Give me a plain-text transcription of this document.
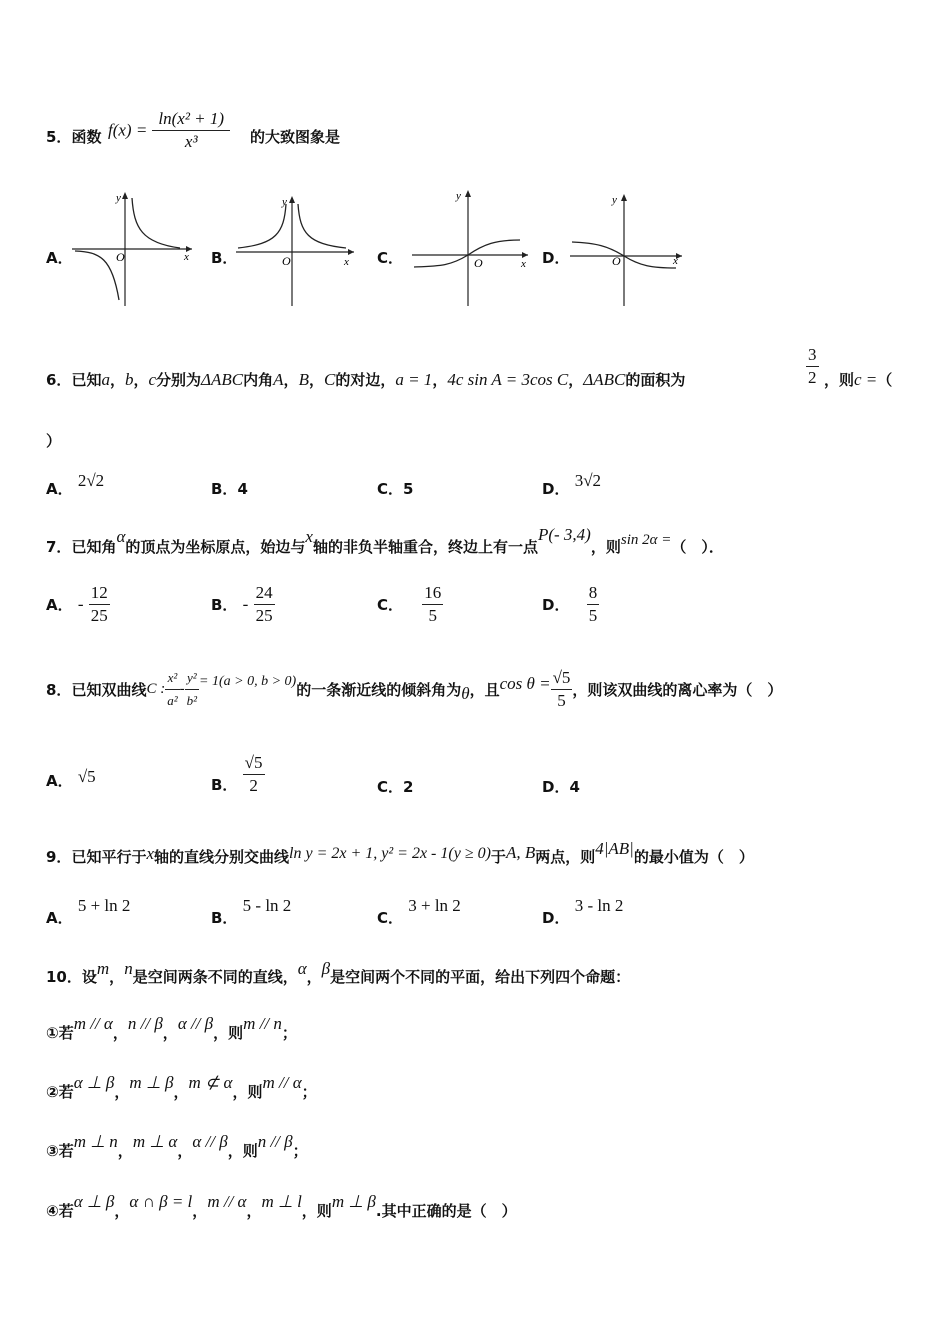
5．函数 $f(x) = \frac{\text{ln(x² + 1)}}{\text{x³}}$ 的大致图象是
A．	B．	C．	D．
y
x
O
y
x
O
y
x
O
y
x
O
6．已知a，b，c分别为ΔABC内角A，B，C的对边，a = 1，4c sin A = 3cos C，ΔABC的面积为	$\frac{3}{2}$ ，则c =（
）
A． 2√2	B．4	C．5	D． 3√2
7．已知角α的顶点为坐标原点，始边与x轴的非负半轴重合，终边上有一点P(- 3,4)，则sin 2α =（　）．
A． - $\frac{12}{25}$	B． - $\frac{24}{25}$	C． $\frac{16}{5}$	D． $\frac{8}{5}$
8．已知双曲线C : $\frac{\text{x²}}{\text{a²}} - \frac{\text{y²}}{\text{b²}} = 1(a > 0$, b > 0)的一条渐近线的倾斜角为θ，且$\cos \theta = \frac{√5}{5}$ ，则该双曲线的离心率为（　）
A． √5	B． $\frac{√5}{2}$	C．2	D．4
9．已知平行于x轴的直线分别交曲线ln y = 2x + 1, y² = 2x - 1(y ≥ 0)于A, B两点，则4|AB|的最小值为（　）
A． 5 + ln 2
B． 5 - ln 2
C． 3 + ln 2
D． 3 - ln 2
10．设m，n是空间两条不同的直线，α，β是空间两个不同的平面，给出下列四个命题：
①若m // α，n // β，α // β，则m // n；
②若α ⊥ β，m ⊥ β，m ⊄ α，则m // α；
③若m ⊥ n，m ⊥ α，α // β，则n // β；
④若α ⊥ β，α ∩ β = l，m // α，m ⊥ l，则m ⊥ β.其中正确的是（　）
